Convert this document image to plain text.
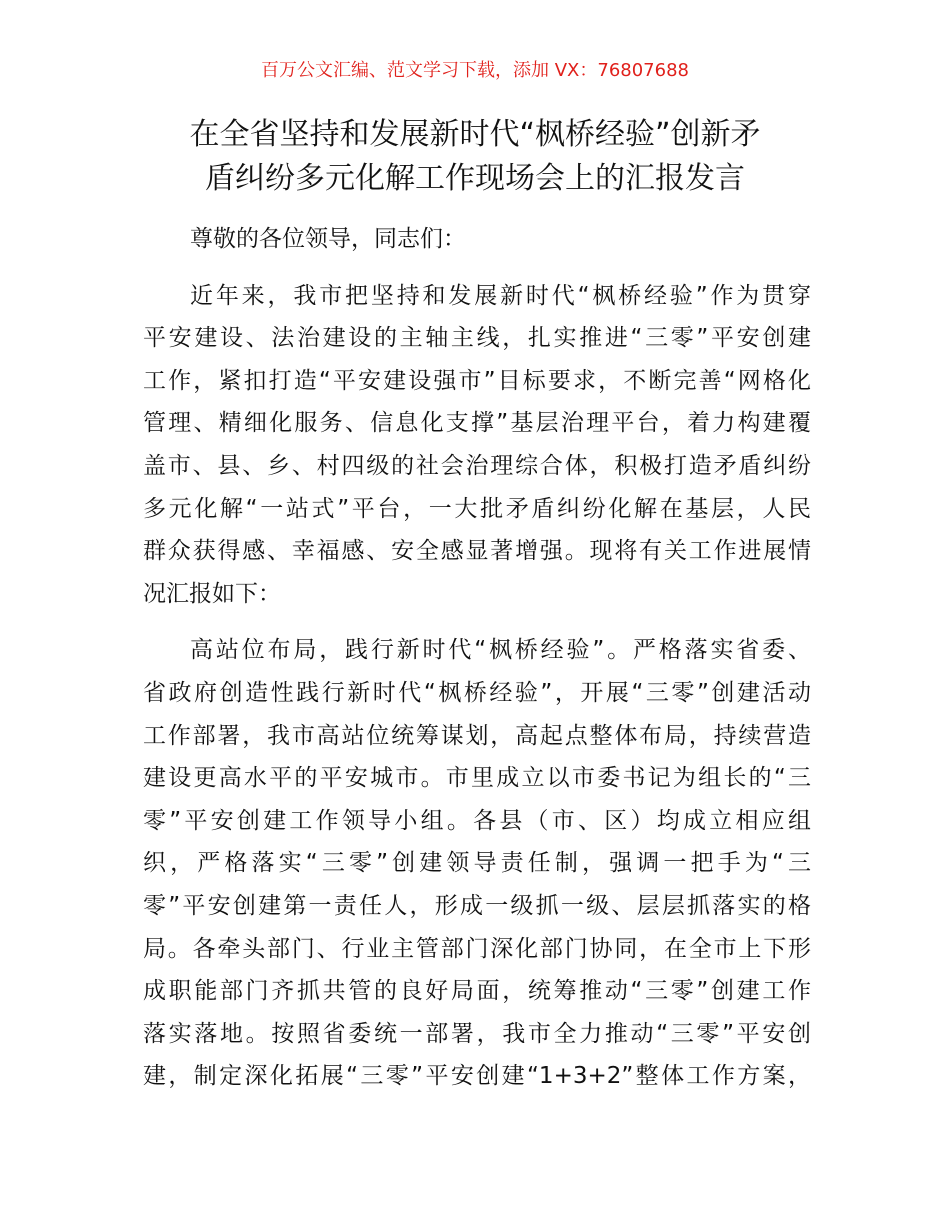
百万公文汇编、范文学习下载，添加 VX：76807688
在全省坚持和发展新时代“枫桥经验”创新矛
盾纠纷多元化解工作现场会上的汇报发言
尊敬的各位领导，同志们：
近年来，我市把坚持和发展新时代“枫桥经验”作为贯穿
平安建设、法治建设的主轴主线，扎实推进“三零”平安创建
工作，紧扣打造“平安建设强市”目标要求，不断完善“网格化
管理、精细化服务、信息化支撑”基层治理平台，着力构建覆
盖市、县、乡、村四级的社会治理综合体，积极打造矛盾纠纷
多元化解“一站式”平台，一大批矛盾纠纷化解在基层，人民
群众获得感、幸福感、安全感显著增强。现将有关工作进展情
况汇报如下：
高站位布局，践行新时代“枫桥经验”。严格落实省委、
省政府创造性践行新时代“枫桥经验”，开展“三零”创建活动
工作部署，我市高站位统筹谋划，高起点整体布局，持续营造
建设更高水平的平安城市。市里成立以市委书记为组长的“三
零”平安创建工作领导小组。各县（市、区）均成立相应组
织，严格落实“三零”创建领导责任制，强调一把手为“三
零”平安创建第一责任人，形成一级抓一级、层层抓落实的格
局。各牵头部门、行业主管部门深化部门协同，在全市上下形
成职能部门齐抓共管的良好局面，统筹推动“三零”创建工作
落实落地。按照省委统一部署，我市全力推动“三零”平安创
建，制定深化拓展“三零”平安创建“1+3+2”整体工作方案，
